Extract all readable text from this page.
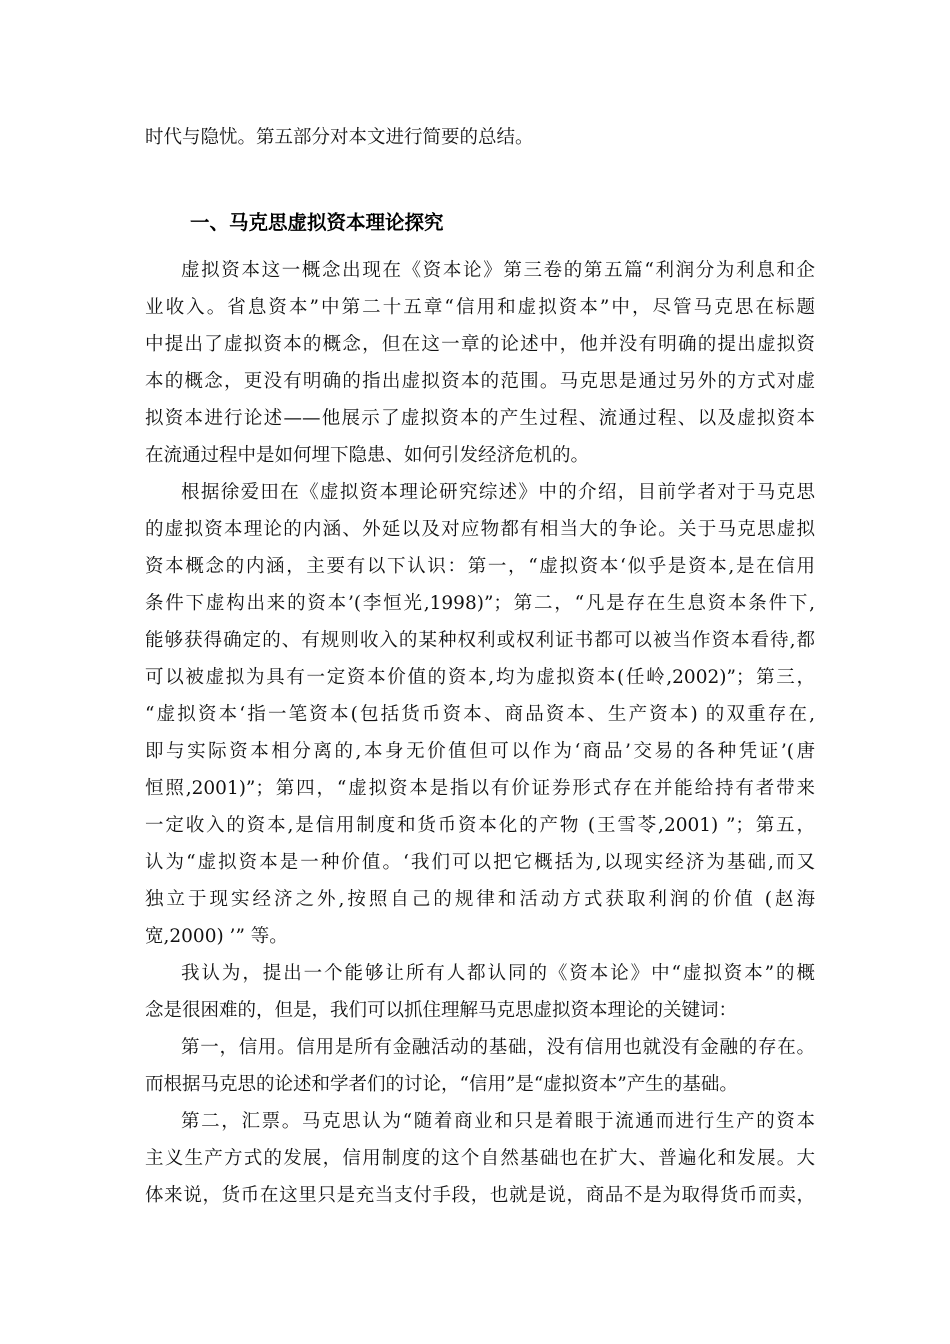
时代与隐忧。第五部分对本文进行简要的总结。
一、马克思虚拟资本理论探究
虚拟资本这一概念出现在《资本论》第三卷的第五篇“利润分为利息和企
业收入。省息资本”中第二十五章“信用和虚拟资本”中，尽管马克思在标题
中提出了虚拟资本的概念，但在这一章的论述中，他并没有明确的提出虚拟资
本的概念，更没有明确的指出虚拟资本的范围。马克思是通过另外的方式对虚
拟资本进行论述——他展示了虚拟资本的产生过程、流通过程、以及虚拟资本
在流通过程中是如何埋下隐患、如何引发经济危机的。
根据徐爱田在《虚拟资本理论研究综述》中的介绍，目前学者对于马克思
的虚拟资本理论的内涵、外延以及对应物都有相当大的争论。关于马克思虚拟
资本概念的内涵，主要有以下认识：第一，“虚拟资本‘似乎是资本,是在信用
条件下虚构出来的资本’(李恒光,1998)”；第二，“凡是存在生息资本条件下,
能够获得确定的、有规则收入的某种权利或权利证书都可以被当作资本看待,都
可以被虚拟为具有一定资本价值的资本,均为虚拟资本(任岭,2002)”；第三，
“虚拟资本‘指一笔资本(包括货币资本、商品资本、生产资本) 的双重存在,
即与实际资本相分离的,本身无价值但可以作为‘商品’交易的各种凭证’(唐
恒照,2001)”；第四，“虚拟资本是指以有价证券形式存在并能给持有者带来
一定收入的资本,是信用制度和货币资本化的产物 (王雪苓,2001) ”；第五，
认为“虚拟资本是一种价值。‘我们可以把它概括为,以现实经济为基础,而又
独立于现实经济之外,按照自己的规律和活动方式获取利润的价值 (赵海
宽,2000) ’” 等。
我认为，提出一个能够让所有人都认同的《资本论》中“虚拟资本”的概
念是很困难的，但是，我们可以抓住理解马克思虚拟资本理论的关键词：
第一，信用。信用是所有金融活动的基础，没有信用也就没有金融的存在。
而根据马克思的论述和学者们的讨论，“信用”是“虚拟资本”产生的基础。
第二，汇票。马克思认为“随着商业和只是着眼于流通而进行生产的资本
主义生产方式的发展，信用制度的这个自然基础也在扩大、普遍化和发展。大
体来说，货币在这里只是充当支付手段，也就是说，商品不是为取得货币而卖，
